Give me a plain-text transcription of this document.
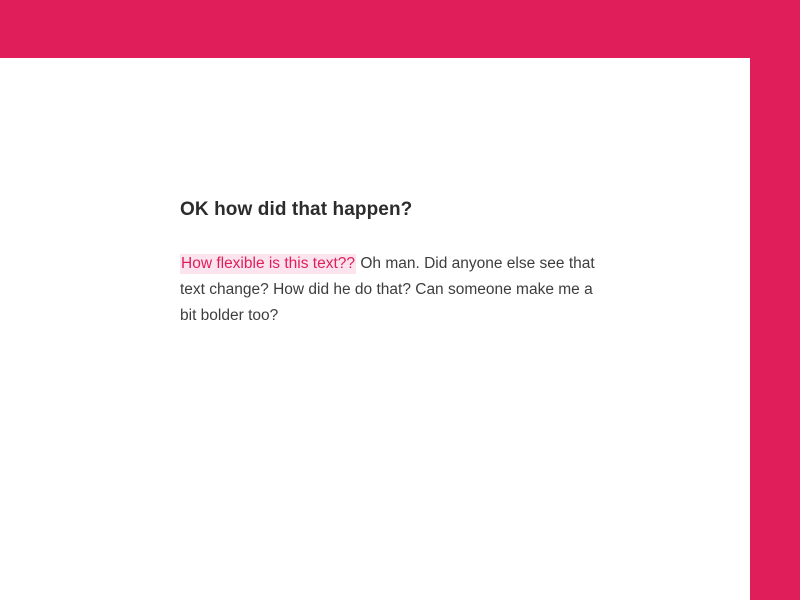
OK how did that happen?

How flexible is this text?? Oh man. Did anyone else see that text change? How did he do that? Can someone make me a bit bolder too?
